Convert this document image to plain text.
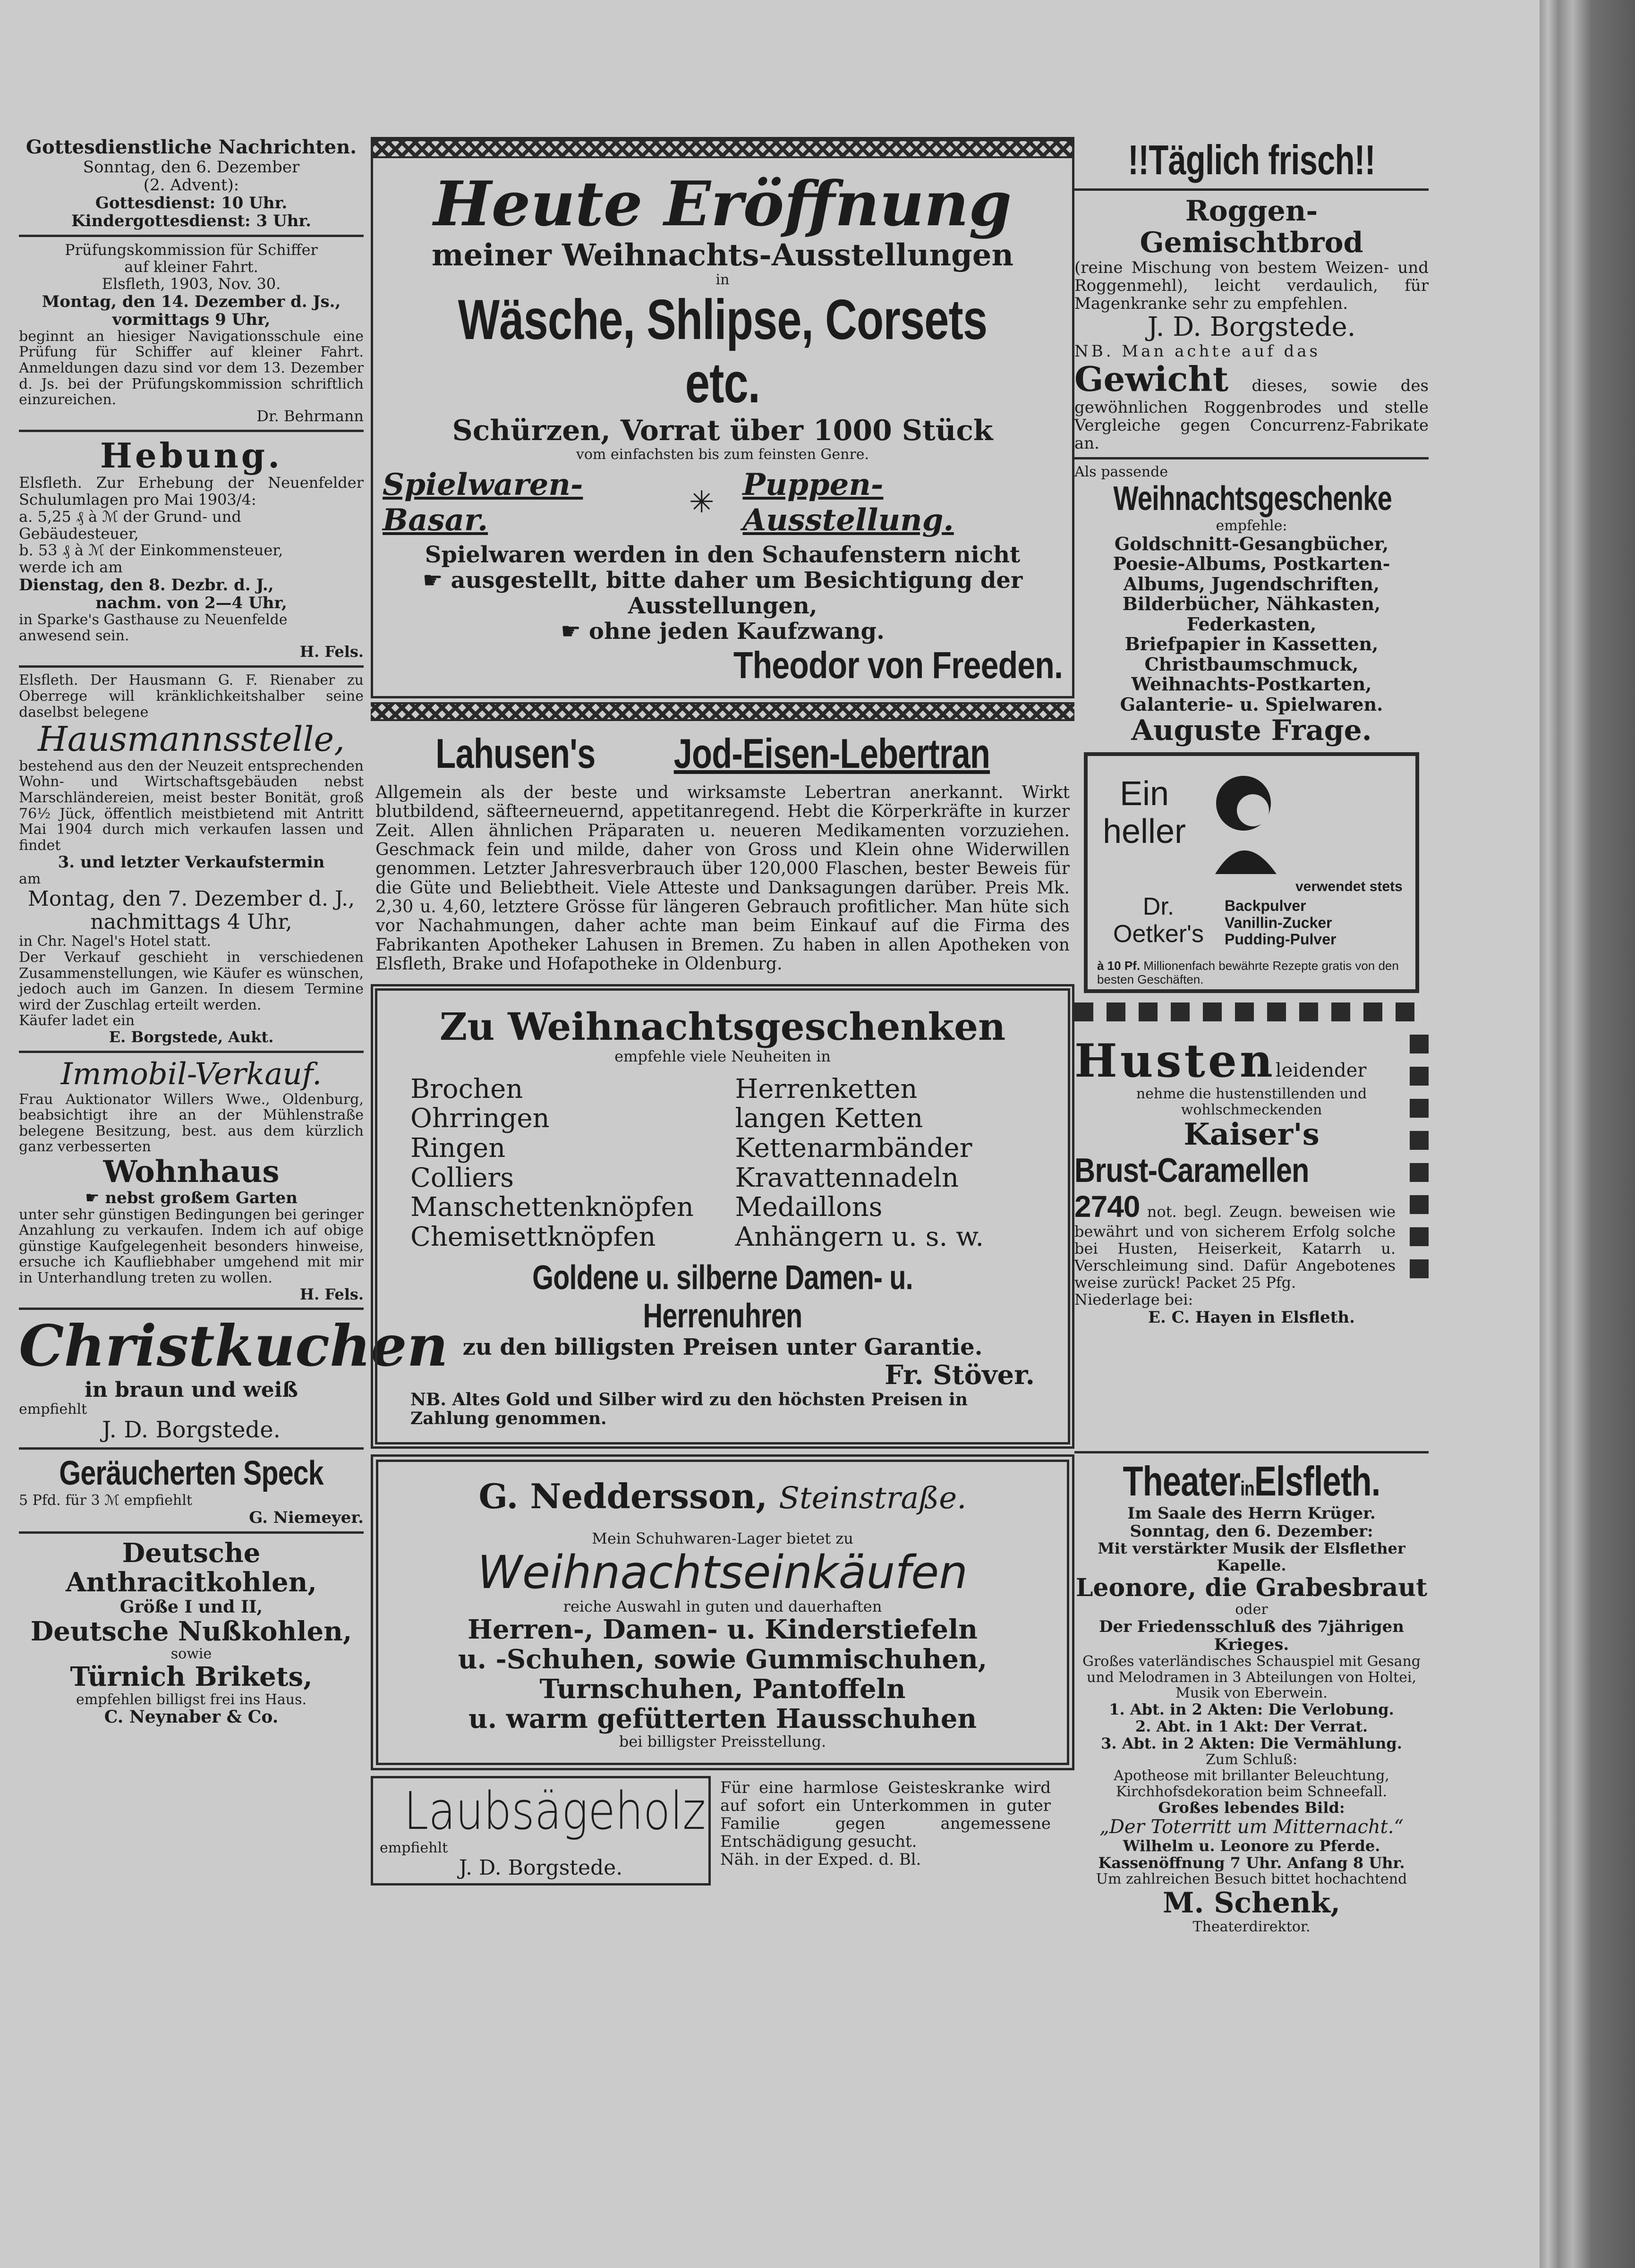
Gottesdienstliche Nachrichten.

Sonntag, den 6. Dezember

(2. Advent):

Gottesdienst: 10 Uhr.

Kindergottesdienst: 3 Uhr.

Prüfungskommission für Schiffer

auf kleiner Fahrt.

Elsfleth, 1903, Nov. 30.

Montag, den 14. Dezember d. Js.,

vormittags 9 Uhr,

beginnt an hiesiger Navigationsschule eine Prüfung für Schiffer auf kleiner Fahrt. Anmeldungen dazu sind vor dem 13. Dezember d. Js. bei der Prüfungskommission schriftlich einzureichen.

Dr. Behrmann

Hebung.

Elsfleth. Zur Erhebung der Neuenfelder Schulumlagen pro Mai 1903/4:

a. 5,25 ₰ à ℳ der Grund- und Gebäudesteuer,

b. 53 ₰ à ℳ der Einkommensteuer,

werde ich am

Dienstag, den 8. Dezbr. d. J.,

nachm. von 2—4 Uhr,

in Sparke's Gasthause zu Neuenfelde anwesend sein.

H. Fels.

Elsfleth. Der Hausmann G. F. Rienaber zu Oberrege will kränklichkeitshalber seine daselbst belegene

Hausmannsstelle,

bestehend aus den der Neuzeit entsprechenden Wohn- und Wirtschaftsgebäuden nebst Marschländereien, meist bester Bonität, groß 76½ Jück, öffentlich meistbietend mit Antritt Mai 1904 durch mich verkaufen lassen und findet

3. und letzter Verkaufstermin

am

Montag, den 7. Dezember d. J.,

nachmittags 4 Uhr,

in Chr. Nagel's Hotel statt.

Der Verkauf geschieht in verschiedenen Zusammenstellungen, wie Käufer es wünschen, jedoch auch im Ganzen. In diesem Termine wird der Zuschlag erteilt werden.

Käufer ladet ein

E. Borgstede, Aukt.

Immobil-Verkauf.

Frau Auktionator Willers Wwe., Oldenburg, beabsichtigt ihre an der Mühlenstraße belegene Besitzung, best. aus dem kürzlich ganz verbesserten

Wohnhaus

☛ nebst großem Garten

unter sehr günstigen Bedingungen bei geringer Anzahlung zu verkaufen. Indem ich auf obige günstige Kaufgelegenheit besonders hinweise, ersuche ich Kaufliebhaber umgehend mit mir in Unterhandlung treten zu wollen.

H. Fels.

Christkuchen

in braun und weiß

empfiehlt

J. D. Borgstede.

Geräucherten Speck

5 Pfd. für 3 ℳ empfiehlt

G. Niemeyer.

Deutsche Anthracitkohlen,

Größe I und II,

Deutsche Nußkohlen,

sowie

Türnich Brikets,

empfehlen billigst frei ins Haus.

C. Neynaber & Co.

Heute Eröffnung

meiner Weihnachts-Ausstellungen

in

Wäsche, Shlipse, Corsets etc.

Schürzen, Vorrat über 1000 Stück

vom einfachsten bis zum feinsten Genre.

Spielwaren-Basar.	✳ Puppen-Ausstellung.

Spielwaren werden in den Schaufenstern nicht

☛ ausgestellt, bitte daher um Besichtigung der Ausstellungen,

☛ ohne jeden Kaufzwang.

Theodor von Freeden.

Lahusen's Jod-Eisen-Lebertran

Allgemein als der beste und wirksamste Lebertran anerkannt. Wirkt blutbildend, säfteerneuernd, appetitanregend. Hebt die Körperkräfte in kurzer Zeit. Allen ähnlichen Präparaten u. neueren Medikamenten vorzuziehen. Geschmack fein und milde, daher von Gross und Klein ohne Widerwillen genommen. Letzter Jahresverbrauch über 120,000 Flaschen, bester Beweis für die Güte und Beliebtheit. Viele Atteste und Danksagungen darüber. Preis Mk. 2,30 u. 4,60, letztere Grösse für längeren Gebrauch profitlicher. Man hüte sich vor Nachahmungen, daher achte man beim Einkauf auf die Firma des Fabrikanten Apotheker Lahusen in Bremen. Zu haben in allen Apotheken von Elsfleth, Brake und Hofapotheke in Oldenburg.

Zu Weihnachtsgeschenken

empfehle viele Neuheiten in

Brochen

Ohrringen

Ringen

Colliers

Manschettenknöpfen

Chemisettknöpfen

Herrenketten

langen Ketten

Kettenarmbänder

Kravattennadeln

Medaillons

Anhängern u. s. w.

Goldene u. silberne Damen- u. Herrenuhren

zu den billigsten Preisen unter Garantie.

Fr. Stöver.

NB. Altes Gold und Silber wird zu den höchsten Preisen in Zahlung genommen.

G. Neddersson, Steinstraße.

Mein Schuhwaren-Lager bietet zu

Weihnachtseinkäufen

reiche Auswahl in guten und dauerhaften

Herren-, Damen- u. Kinderstiefeln

u. -Schuhen, sowie Gummischuhen,

Turnschuhen, Pantoffeln

u. warm gefütterten Hausschuhen

bei billigster Preisstellung.

Laubsägeholz

empfiehlt

J. D. Borgstede.

Für eine harmlose Geisteskranke wird auf sofort ein Unterkommen in guter Familie gegen angemessene Entschädigung gesucht.

Näh. in der Exped. d. Bl.

!!Täglich frisch!!

Roggen-Gemischtbrod

(reine Mischung von bestem Weizen- und Roggenmehl), leicht verdaulich, für Magenkranke sehr zu empfehlen.

J. D. Borgstede.

NB. Man achte auf das

Gewicht dieses, sowie des gewöhnlichen Roggenbrodes und stelle Vergleiche gegen Concurrenz-Fabrikate an.

Als passende

Weihnachtsgeschenke

empfehle:

Goldschnitt-Gesangbücher,

Poesie-Albums, Postkarten-

Albums, Jugendschriften,

Bilderbücher, Nähkasten,

Federkasten,

Briefpapier in Kassetten,

Christbaumschmuck,

Weihnachts-Postkarten,

Galanterie- u. Spielwaren.

Auguste Frage.

Ein

heller

verwendet stets

Dr.

Oetker's

Backpulver

Vanillin-Zucker

Pudding-Pulver

à 10 Pf. Millionenfach bewährte Rezepte gratis von den besten Geschäften.

Hustenleidender

nehme die hustenstillenden und wohlschmeckenden

Kaiser's

Brust-Caramellen

2740 not. begl. Zeugn. beweisen wie bewährt und von sicherem Erfolg solche bei Husten, Heiserkeit, Katarrh u. Verschleimung sind. Dafür Angebotenes weise zurück! Packet 25 Pfg.

Niederlage bei:

E. C. Hayen in Elsfleth.

TheaterinElsfleth.

Im Saale des Herrn Krüger.

Sonntag, den 6. Dezember:

Mit verstärkter Musik der Elsflether Kapelle.

Leonore, die Grabesbraut

oder

Der Friedensschluß des 7jährigen Krieges.

Großes vaterländisches Schauspiel mit Gesang und Melodramen in 3 Abteilungen von Holtei, Musik von Eberwein.

1. Abt. in 2 Akten: Die Verlobung.

2. Abt. in 1 Akt: Der Verrat.

3. Abt. in 2 Akten: Die Vermählung.

Zum Schluß:

Apotheose mit brillanter Beleuchtung, Kirchhofsdekoration beim Schneefall.

Großes lebendes Bild:

„Der Toterritt um Mitternacht.“

Wilhelm u. Leonore zu Pferde.

Kassenöffnung 7 Uhr. Anfang 8 Uhr.

Um zahlreichen Besuch bittet hochachtend

M. Schenk,

Theaterdirektor.
